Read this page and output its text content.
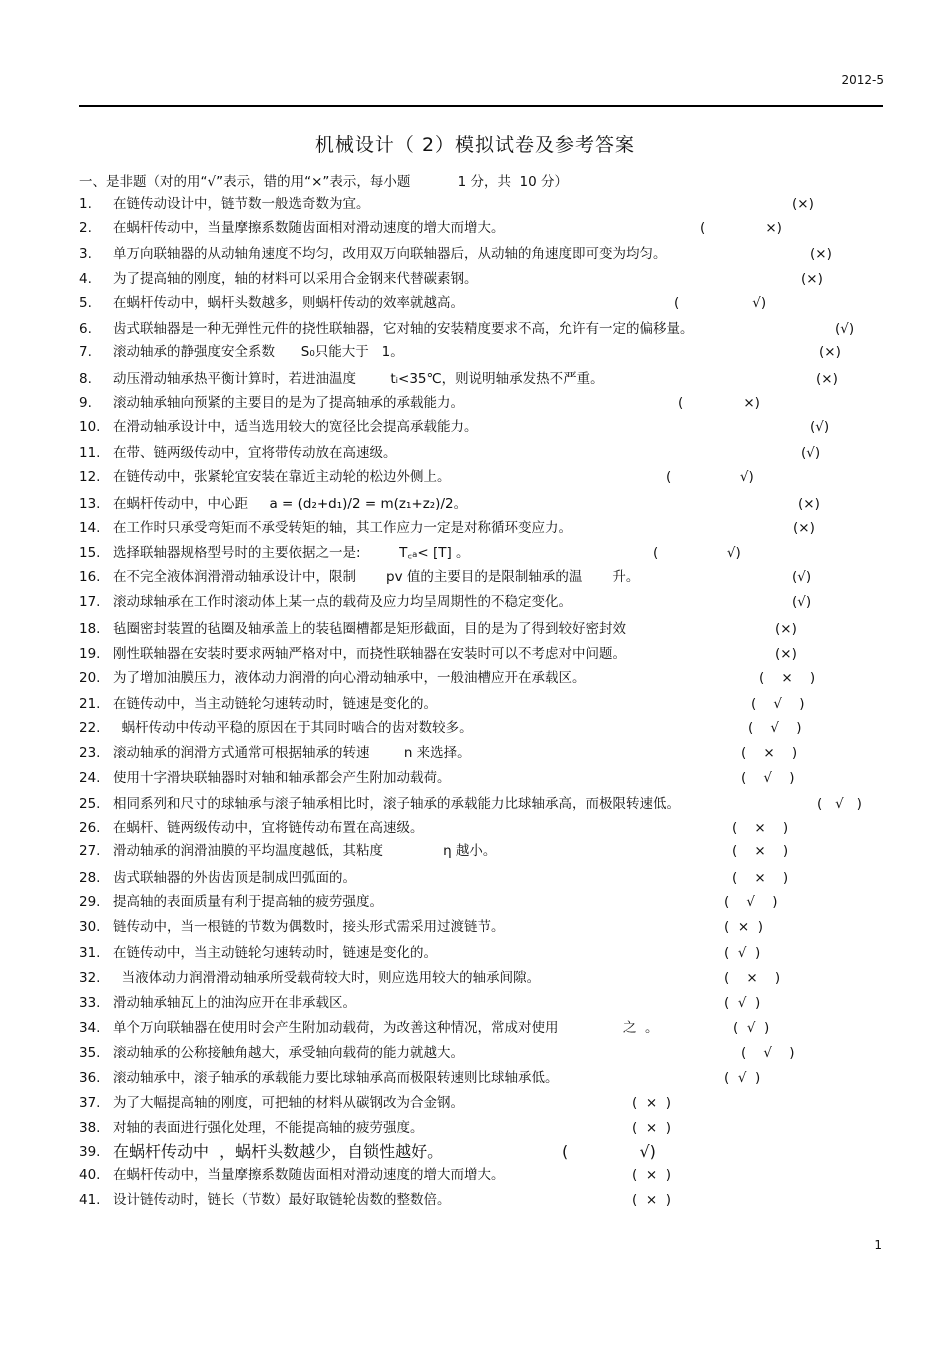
2012-5
机械设计（ 2）模拟试卷及参考答案
一、是非题（对的用“√”表示，错的用“×”表示，每小题           1 分，共  10 分）
1. 在链传动设计中，链节数一般选奇数为宜。	(×)
2. 在蜗杆传动中，当量摩擦系数随齿面相对滑动速度的增大而增大。	(              ×)
3. 单万向联轴器的从动轴角速度不均匀，改用双万向联轴器后，从动轴的角速度即可变为均匀。	(×)
4. 为了提高轴的刚度，轴的材料可以采用合金钢来代替碳素钢。	(×)
5. 在蜗杆传动中，蜗杆头数越多，则蜗杆传动的效率就越高。	(                 √)
6. 齿式联轴器是一种无弹性元件的挠性联轴器，它对轴的安装精度要求不高，允许有一定的偏移量。	(√)
7. 滚动轴承的静强度安全系数      S₀只能大于   1。	(×)
8. 动压滑动轴承热平衡计算时，若进油温度        tᵢ<35℃，则说明轴承发热不严重。	(×)
9. 滚动轴承轴向预紧的主要目的是为了提高轴承的承载能力。	(              ×)
10. 在滑动轴承设计中，适当选用较大的宽径比会提高承载能力。	(√)
11. 在带、链两级传动中，宜将带传动放在高速级。	(√)
12. 在链传动中，张紧轮宜安装在靠近主动轮的松边外侧上。	(                √)
13. 在蜗杆传动中，中心距     a = (d₂+d₁)/2 = m(z₁+z₂)/2。	(×)
14. 在工作时只承受弯矩而不承受转矩的轴，其工作应力一定是对称循环变应力。	(×)
15. 选择联轴器规格型号时的主要依据之一是:         T꜀ₐ< [T] 。	(                √)
16. 在不完全液体润滑滑动轴承设计中，限制       pv 值的主要目的是限制轴承的温       升。	(√)
17. 滚动球轴承在工作时滚动体上某一点的载荷及应力均呈周期性的不稳定变化。	(√)
18. 毡圈密封装置的毡圈及轴承盖上的装毡圈槽都是矩形截面，目的是为了得到较好密封效	(×)
19. 刚性联轴器在安装时要求两轴严格对中，而挠性联轴器在安装时可以不考虑对中问题。	(×)
20. 为了增加油膜压力，液体动力润滑的向心滑动轴承中，一般油槽应开在承载区。	(    ×    )
21. 在链传动中，当主动链轮匀速转动时，链速是变化的。	(    √    )
22. 蜗杆传动中传动平稳的原因在于其同时啮合的齿对数较多。	(    √    )
23. 滚动轴承的润滑方式通常可根据轴承的转速        n 来选择。	(    ×    )
24. 使用十字滑块联轴器时对轴和轴承都会产生附加动载荷。	(    √    )
25. 相同系列和尺寸的球轴承与滚子轴承相比时，滚子轴承的承载能力比球轴承高，而极限转速低。	(   √   )
26. 在蜗杆、链两级传动中，宜将链传动布置在高速级。	(    ×    )
27. 滑动轴承的润滑油膜的平均温度越低，其粘度              η 越小。	(    ×    )
28. 齿式联轴器的外齿齿顶是制成凹弧面的。	(    ×    )
29. 提高轴的表面质量有利于提高轴的疲劳强度。	(    √    )
30. 链传动中，当一根链的节数为偶数时，接头形式需采用过渡链节。	(  ×  )
31. 在链传动中，当主动链轮匀速转动时，链速是变化的。	(  √  )
32. 当液体动力润滑滑动轴承所受载荷较大时，则应选用较大的轴承间隙。	(    ×    )
33. 滑动轴承轴瓦上的油沟应开在非承载区。	(  √  )
34. 单个万向联轴器在使用时会产生附加动载荷，为改善这种情况，常成对使用               之  。	(  √  )
35. 滚动轴承的公称接触角越大，承受轴向载荷的能力就越大。	(    √    )
36. 滚动轴承中，滚子轴承的承载能力要比球轴承高而极限转速则比球轴承低。	(  √  )
37. 为了大幅提高轴的刚度，可把轴的材料从碳钢改为合金钢。	(  ×  )
38. 对轴的表面进行强化处理，不能提高轴的疲劳强度。	(  ×  )
39. 在蜗杆传动中  ，蜗杆头数越少，自锁性越好。	(              √)
40. 在蜗杆传动中，当量摩擦系数随齿面相对滑动速度的增大而增大。	(  ×  )
41. 设计链传动时，链长（节数）最好取链轮齿数的整数倍。	(  ×  )
1
